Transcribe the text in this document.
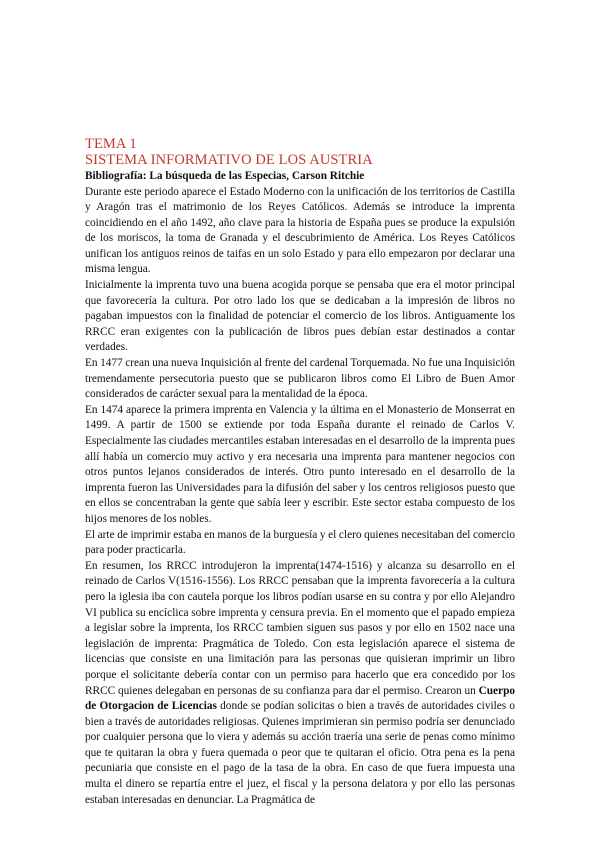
TEMA 1
SISTEMA INFORMATIVO DE LOS AUSTRIA
Bibliografía: La búsqueda de las Especias, Carson Ritchie

Durante este periodo aparece el Estado Moderno con la unificación de los territorios de Castilla y Aragón tras el matrimonio de los Reyes Católicos. Además se introduce la imprenta coincidiendo en el año 1492, año clave para la historia de España pues se produce la expulsión de los moriscos, la toma de Granada y el descubrimiento de América. Los Reyes Católicos unifican los antiguos reinos de taifas en un solo Estado y para ello empezaron por declarar una misma lengua.

Inicialmente la imprenta tuvo una buena acogida porque se pensaba que era el motor principal que favorecería la cultura. Por otro lado los que se dedicaban a la impresión de libros no pagaban impuestos con la finalidad de potenciar el comercio de los libros. Antiguamente los RRCC eran exigentes con la publicación de libros pues debían estar destinados a contar verdades.

En 1477 crean una nueva Inquisición al frente del cardenal Torquemada. No fue una Inquisición tremendamente persecutoria puesto que se publicaron libros como El Libro de Buen Amor considerados de carácter sexual para la mentalidad de la época.

En 1474 aparece la primera imprenta en Valencia y la última en el Monasterio de Monserrat en 1499. A partir de 1500 se extiende por toda España durante el reinado de Carlos V. Especialmente las ciudades mercantiles estaban interesadas en el desarrollo de la imprenta pues allí había un comercio muy activo y era necesaria una imprenta para mantener negocios con otros puntos lejanos considerados de interés. Otro punto interesado en el desarrollo de la imprenta fueron las Universidades para la difusión del saber y los centros religiosos puesto que en ellos se concentraban la gente que sabía leer y escribir. Este sector estaba compuesto de los hijos menores de los nobles.

El arte de imprimir estaba en manos de la burguesía y el clero quienes necesitaban del comercio para poder practicarla.

En resumen, los RRCC introdujeron la imprenta(1474-1516) y alcanza su desarrollo en el reinado de Carlos V(1516-1556). Los RRCC pensaban que la imprenta favorecería a la cultura pero la iglesia iba con cautela porque los libros podían usarse en su contra y por ello Alejandro VI publica su encíclica sobre imprenta y censura previa. En el momento que el papado empieza a legislar sobre la imprenta, los RRCC tambien siguen sus pasos y por ello en 1502 nace una legislación de imprenta: Pragmática de Toledo. Con esta legislación aparece el sistema de licencias que consiste en una limitación para las personas que quisieran imprimir un libro porque el solicitante debería contar con un permiso para hacerlo que era concedido por los RRCC quienes delegaban en personas de su confianza para dar el permiso. Crearon un Cuerpo de Otorgacion de Licencias donde se podían solicitas o bien a través de autoridades civiles o bien a través de autoridades religiosas. Quienes imprimieran sin permiso podría ser denunciado por cualquier persona que lo viera y además su acción traería una serie de penas como mínimo que te quitaran la obra y fuera quemada o peor que te quitaran el oficio. Otra pena es la pena pecuniaria que consiste en el pago de la tasa de la obra. En caso de que fuera impuesta una multa el dinero se repartía entre el juez, el fiscal y la persona delatora y por ello las personas estaban interesadas en denunciar. La Pragmática de
